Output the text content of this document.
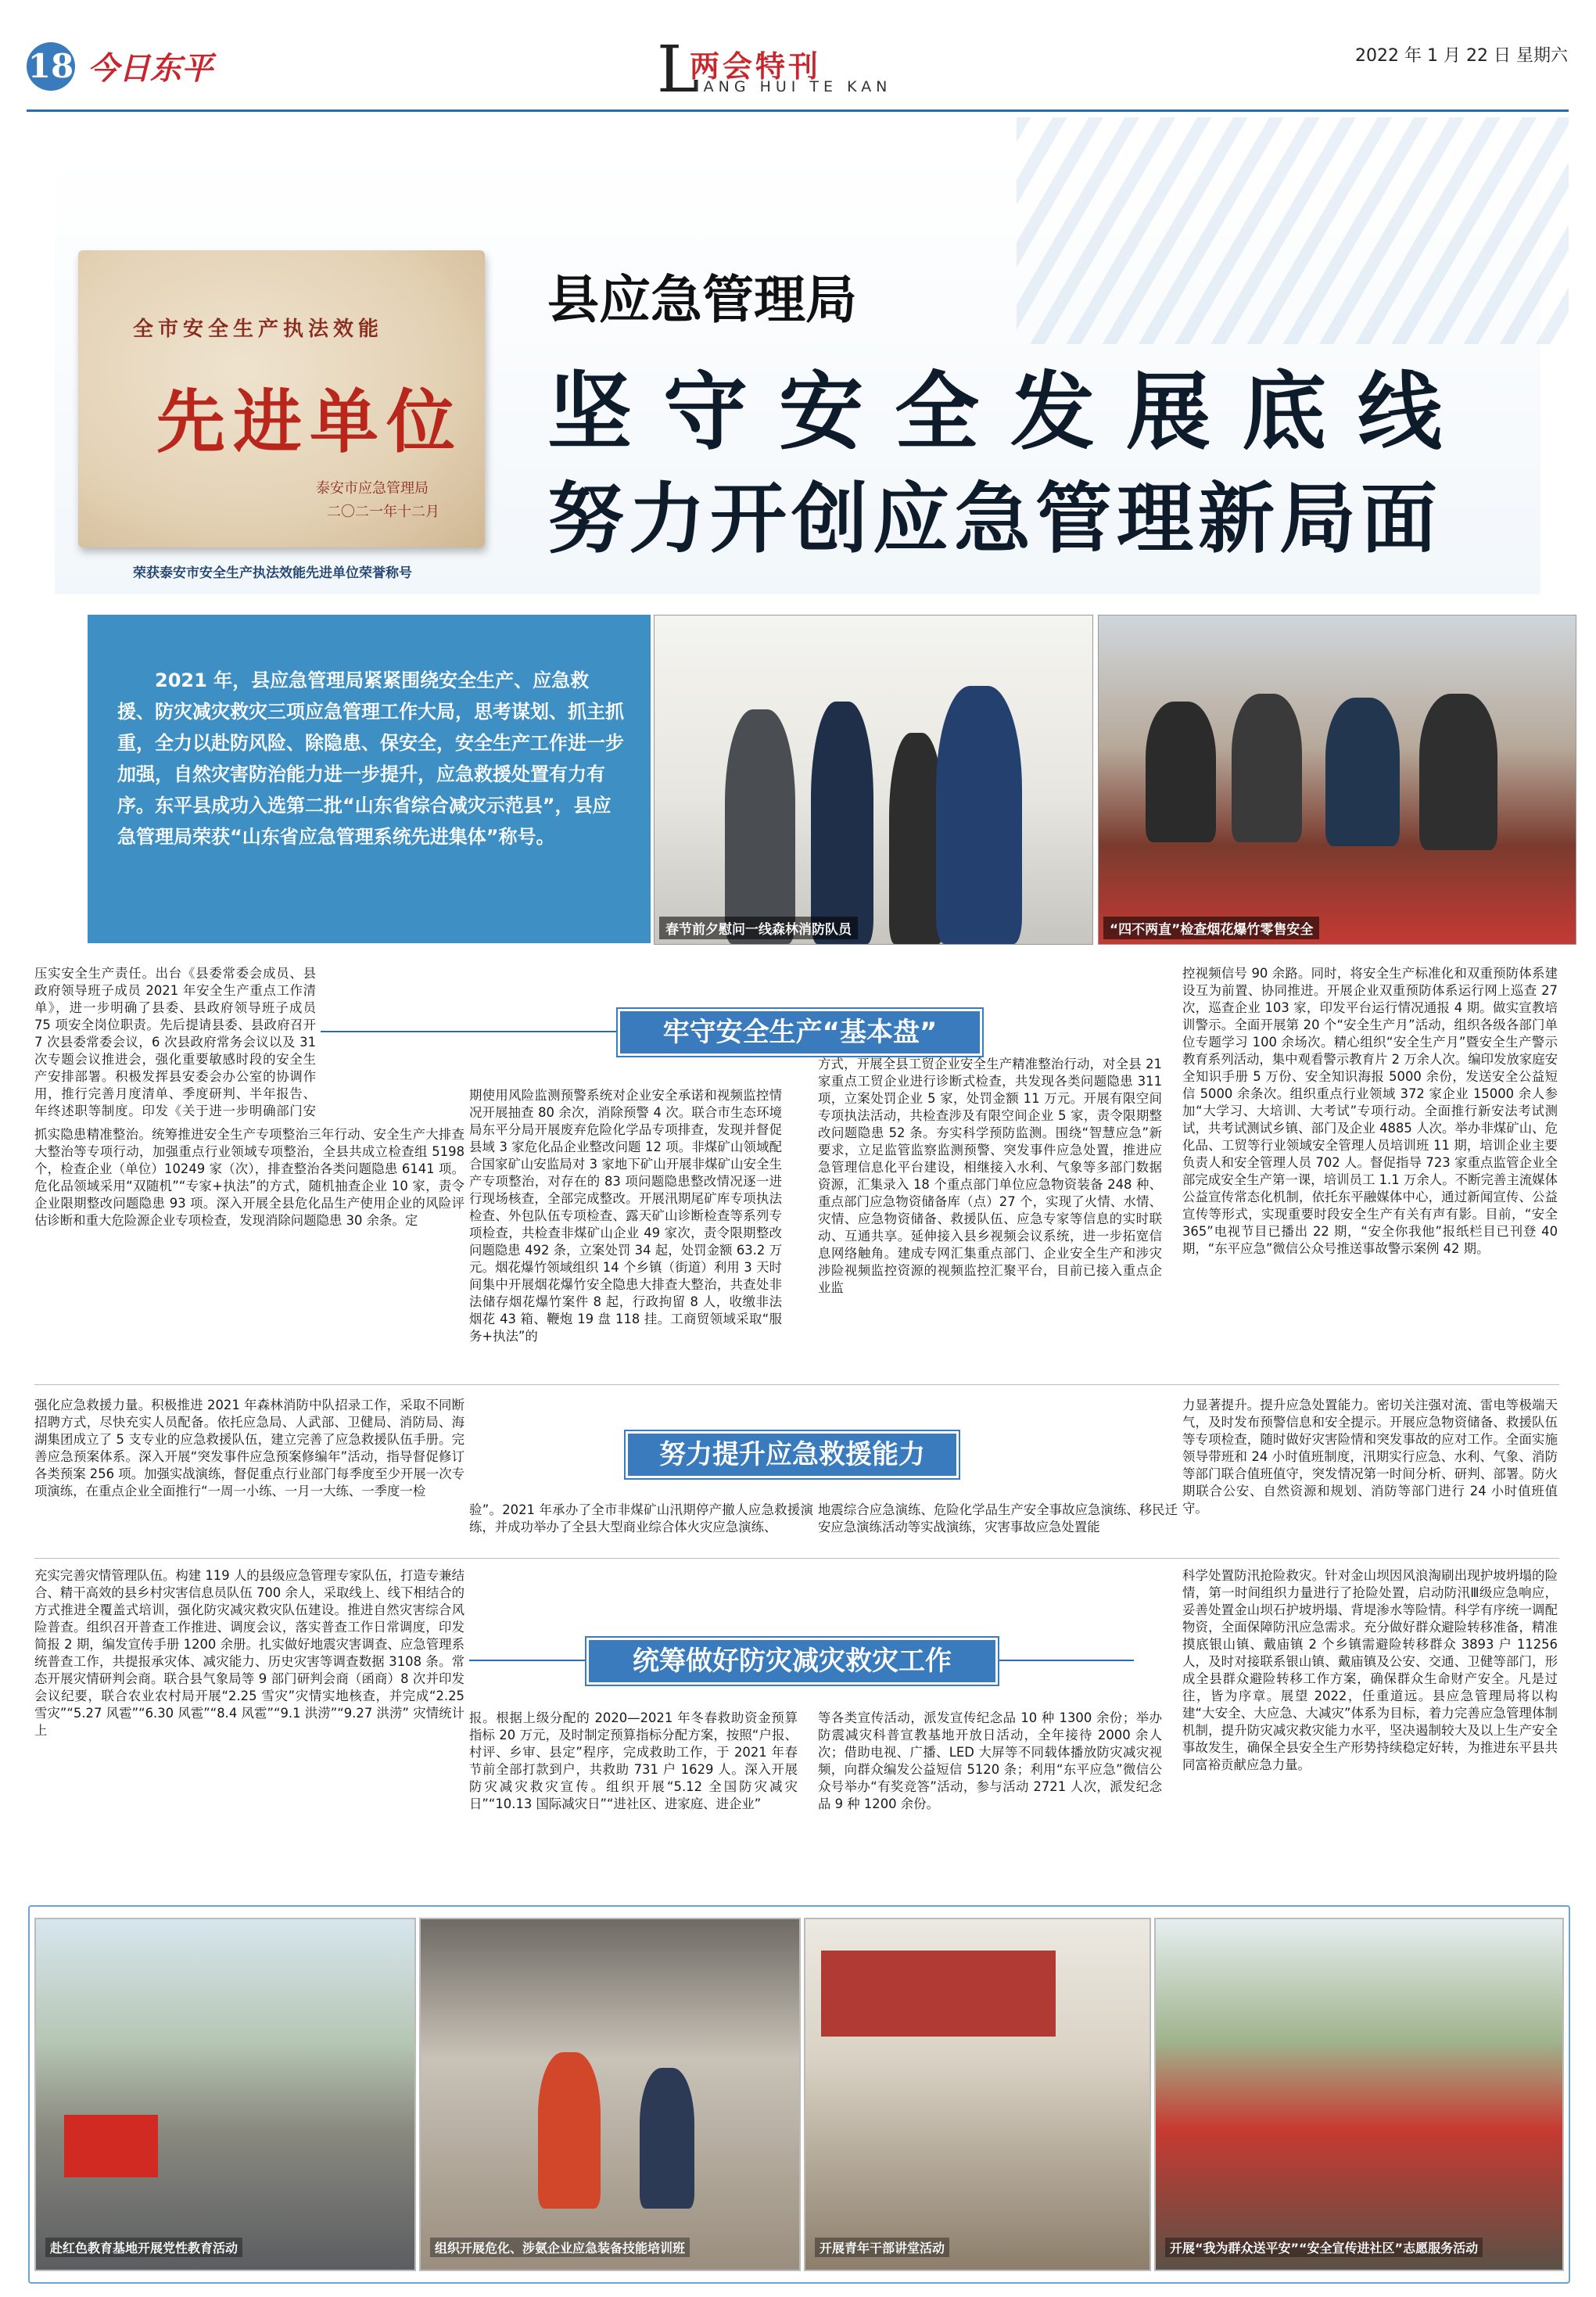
18 今日东平	L
两会特刊
IANG HUI TE KAN
2022 年 1 月 22 日 星期六
全市安全生产执法效能
先进单位
泰安市应急管理局
二〇二一年十二月
荣获泰安市安全生产执法效能先进单位荣誉称号
县应急管理局
坚守安全发展底线
努力开创应急管理新局面
2021 年，县应急管理局紧紧围绕安全生产、应急救援、防灾减灾救灾三项应急管理工作大局，思考谋划、抓主抓重，全力以赴防风险、除隐患、保安全，安全生产工作进一步加强，自然灾害防治能力进一步提升，应急救援处置有力有序。东平县成功入选第二批“山东省综合减灾示范县”，县应急管理局荣获“山东省应急管理系统先进集体”称号。
春节前夕慰问一线森林消防队员	“四不两直”检查烟花爆竹零售安全
压实安全生产责任。出台《县委常委会成员、县政府领导班子成员 2021 年安全生产重点工作清单》，进一步明确了县委、县政府领导班子成员 75 项安全岗位职责。先后提请县委、县政府召开 7 次县委常委会议，6 次县政府常务会议以及 31 次专题会议推进会，强化重要敏感时段的安全生产安排部署。积极发挥县安委会办公室的协调作用，推行完善月度清单、季度研判、半年报告、年终述职等制度。印发《关于进一步明确部门安
牢守安全生产“基本盘”
抓实隐患精准整治。统筹推进安全生产专项整治三年行动、安全生产大排查大整治等专项行动，加强重点行业领域专项整治，全县共成立检查组 5198 个，检查企业（单位）10249 家（次），排查整治各类问题隐患 6141 项。危化品领域采用“双随机”“专家+执法”的方式，随机抽查企业 10 家，责令企业限期整改问题隐患 93 项。深入开展全县危化品生产使用企业的风险评估诊断和重大危险源企业专项检查，发现消除问题隐患 30 余条。定
期使用风险监测预警系统对企业安全承诺和视频监控情况开展抽查 80 余次，消除预警 4 次。联合市生态环境局东平分局开展废弃危险化学品专项排查，发现并督促县域 3 家危化品企业整改问题 12 项。非煤矿山领域配合国家矿山安监局对 3 家地下矿山开展非煤矿山安全生产专项整治，对存在的 83 项问题隐患整改情况逐一进行现场核查，全部完成整改。开展汛期尾矿库专项执法检查、外包队伍专项检查、露天矿山诊断检查等系列专项检查，共检查非煤矿山企业 49 家次，责令限期整改问题隐患 492 条，立案处罚 34 起，处罚金额 63.2 万元。烟花爆竹领域组织 14 个乡镇（街道）利用 3 天时间集中开展烟花爆竹安全隐患大排查大整治，共查处非法储存烟花爆竹案件 8 起，行政拘留 8 人，收缴非法烟花 43 箱、鞭炮 19 盘 118 挂。工商贸领域采取“服务+执法”的
方式，开展全县工贸企业安全生产精准整治行动，对全县 21 家重点工贸企业进行诊断式检查，共发现各类问题隐患 311 项，立案处罚企业 5 家，处罚金额 11 万元。开展有限空间专项执法活动，共检查涉及有限空间企业 5 家，责令限期整改问题隐患 52 条。夯实科学预防监测。围绕“智慧应急”新要求，立足监管监察监测预警、突发事件应急处置，推进应急管理信息化平台建设，相继接入水利、气象等多部门数据资源，汇集录入 18 个重点部门单位应急物资装备 248 种、重点部门应急物资储备库（点）27 个，实现了火情、水情、灾情、应急物资储备、救援队伍、应急专家等信息的实时联动、互通共享。延伸接入县乡视频会议系统，进一步拓宽信息网络触角。建成专网汇集重点部门、企业安全生产和涉灾涉险视频监控资源的视频监控汇聚平台，目前已接入重点企业监
控视频信号 90 余路。同时，将安全生产标准化和双重预防体系建设互为前置、协同推进。开展企业双重预防体系运行网上巡查 27 次，巡查企业 103 家，印发平台运行情况通报 4 期。做实宣教培训警示。全面开展第 20 个“安全生产月”活动，组织各级各部门单位专题学习 100 余场次。精心组织“安全生产月”暨安全生产警示教育系列活动，集中观看警示教育片 2 万余人次。编印发放家庭安全知识手册 5 万份、安全知识海报 5000 余份，发送安全公益短信 5000 余条次。组织重点行业领域 372 家企业 15000 余人参加“大学习、大培训、大考试”专项行动。全面推行新安法考试测试，共考试测试乡镇、部门及企业 4885 人次。举办非煤矿山、危化品、工贸等行业领域安全管理人员培训班 11 期，培训企业主要负责人和安全管理人员 702 人。督促指导 723 家重点监管企业全部完成安全生产第一课，培训员工 1.1 万余人。不断完善主流媒体公益宣传常态化机制，依托东平融媒体中心，通过新闻宣传、公益宣传等形式，实现重要时段安全生产有关有声有影。目前，“安全 365”电视节目已播出 22 期，“安全你我他”报纸栏目已刊登 40 期，“东平应急”微信公众号推送事故警示案例 42 期。
强化应急救援力量。积极推进 2021 年森林消防中队招录工作，采取不同断招聘方式，尽快充实人员配备。依托应急局、人武部、卫健局、消防局、海湖集团成立了 5 支专业的应急救援队伍，建立完善了应急救援队伍手册。完善应急预案体系。深入开展“突发事件应急预案修编年”活动，指导督促修订各类预案 256 项。加强实战演练，督促重点行业部门每季度至少开展一次专项演练，在重点企业全面推行“一周一小练、一月一大练、一季度一检
努力提升应急救援能力
验”。2021 年承办了全市非煤矿山汛期停产撤人应急救援演练，并成功举办了全县大型商业综合体火灾应急演练、
地震综合应急演练、危险化学品生产安全事故应急演练、移民迁安应急演练活动等实战演练，灾害事故应急处置能
力显著提升。提升应急处置能力。密切关注强对流、雷电等极端天气，及时发布预警信息和安全提示。开展应急物资储备、救援队伍等专项检查，随时做好灾害险情和突发事故的应对工作。全面实施领导带班和 24 小时值班制度，汛期实行应急、水利、气象、消防等部门联合值班值守，突发情况第一时间分析、研判、部署。防火期联合公安、自然资源和规划、消防等部门进行 24 小时值班值守。
充实完善灾情管理队伍。构建 119 人的县级应急管理专家队伍，打造专兼结合、精干高效的县乡村灾害信息员队伍 700 余人，采取线上、线下相结合的方式推进全覆盖式培训，强化防灾减灾救灾队伍建设。推进自然灾害综合风险普查。组织召开普查工作推进、调度会议，落实普查工作日常调度，印发简报 2 期，编发宣传手册 1200 余册。扎实做好地震灾害调查、应急管理系统普查工作，共提报承灾体、减灾能力、历史灾害等调查数据 3108 条。常态开展灾情研判会商。联合县气象局等 9 部门研判会商（函商）8 次并印发会议纪要，联合农业农村局开展“2.25 雪灾”灾情实地核查，并完成“2.25 雪灾”“5.27 风雹”“6.30 风雹”“8.4 风雹”“9.1 洪涝”“9.27 洪涝” 灾情统计上
统筹做好防灾减灾救灾工作
报。根据上级分配的 2020—2021 年冬春救助资金预算指标 20 万元，及时制定预算指标分配方案，按照“户报、村评、乡审、县定”程序，完成救助工作，于 2021 年春节前全部打款到户，共救助 731 户 1629 人。深入开展防灾减灾救灾宣传。组织开展“5.12 全国防灾减灾日”“10.13 国际减灾日”“进社区、进家庭、进企业”
等各类宣传活动，派发宣传纪念品 10 种 1300 余份；举办防震减灾科普宣教基地开放日活动，全年接待 2000 余人次；借助电视、广播、LED 大屏等不同载体播放防灾减灾视频，向群众编发公益短信 5120 条；利用“东平应急”微信公众号举办“有奖竞答”活动，参与活动 2721 人次，派发纪念品 9 种 1200 余份。
科学处置防汛抢险救灾。针对金山坝因风浪淘刷出现护坡坍塌的险情，第一时间组织力量进行了抢险处置，启动防汛Ⅲ级应急响应，妥善处置金山坝石护坡坍塌、背堤渗水等险情。科学有序统一调配物资，全面保障防汛应急需求。充分做好群众避险转移准备，精准摸底银山镇、戴庙镇 2 个乡镇需避险转移群众 3893 户 11256 人，及时对接联系银山镇、戴庙镇及公安、交通、卫健等部门，形成全县群众避险转移工作方案，确保群众生命财产安全。凡是过往，皆为序章。展望 2022，任重道远。县应急管理局将以构建“大安全、大应急、大减灾”体系为目标，着力完善应急管理体制机制，提升防灾减灾救灾能力水平，坚决遏制较大及以上生产安全事故发生，确保全县安全生产形势持续稳定好转，为推进东平县共同富裕贡献应急力量。
赴红色教育基地开展党性教育活动	组织开展危化、涉氨企业应急装备技能培训班	开展青年干部讲堂活动	开展“我为群众送平安”“安全宣传进社区”志愿服务活动
